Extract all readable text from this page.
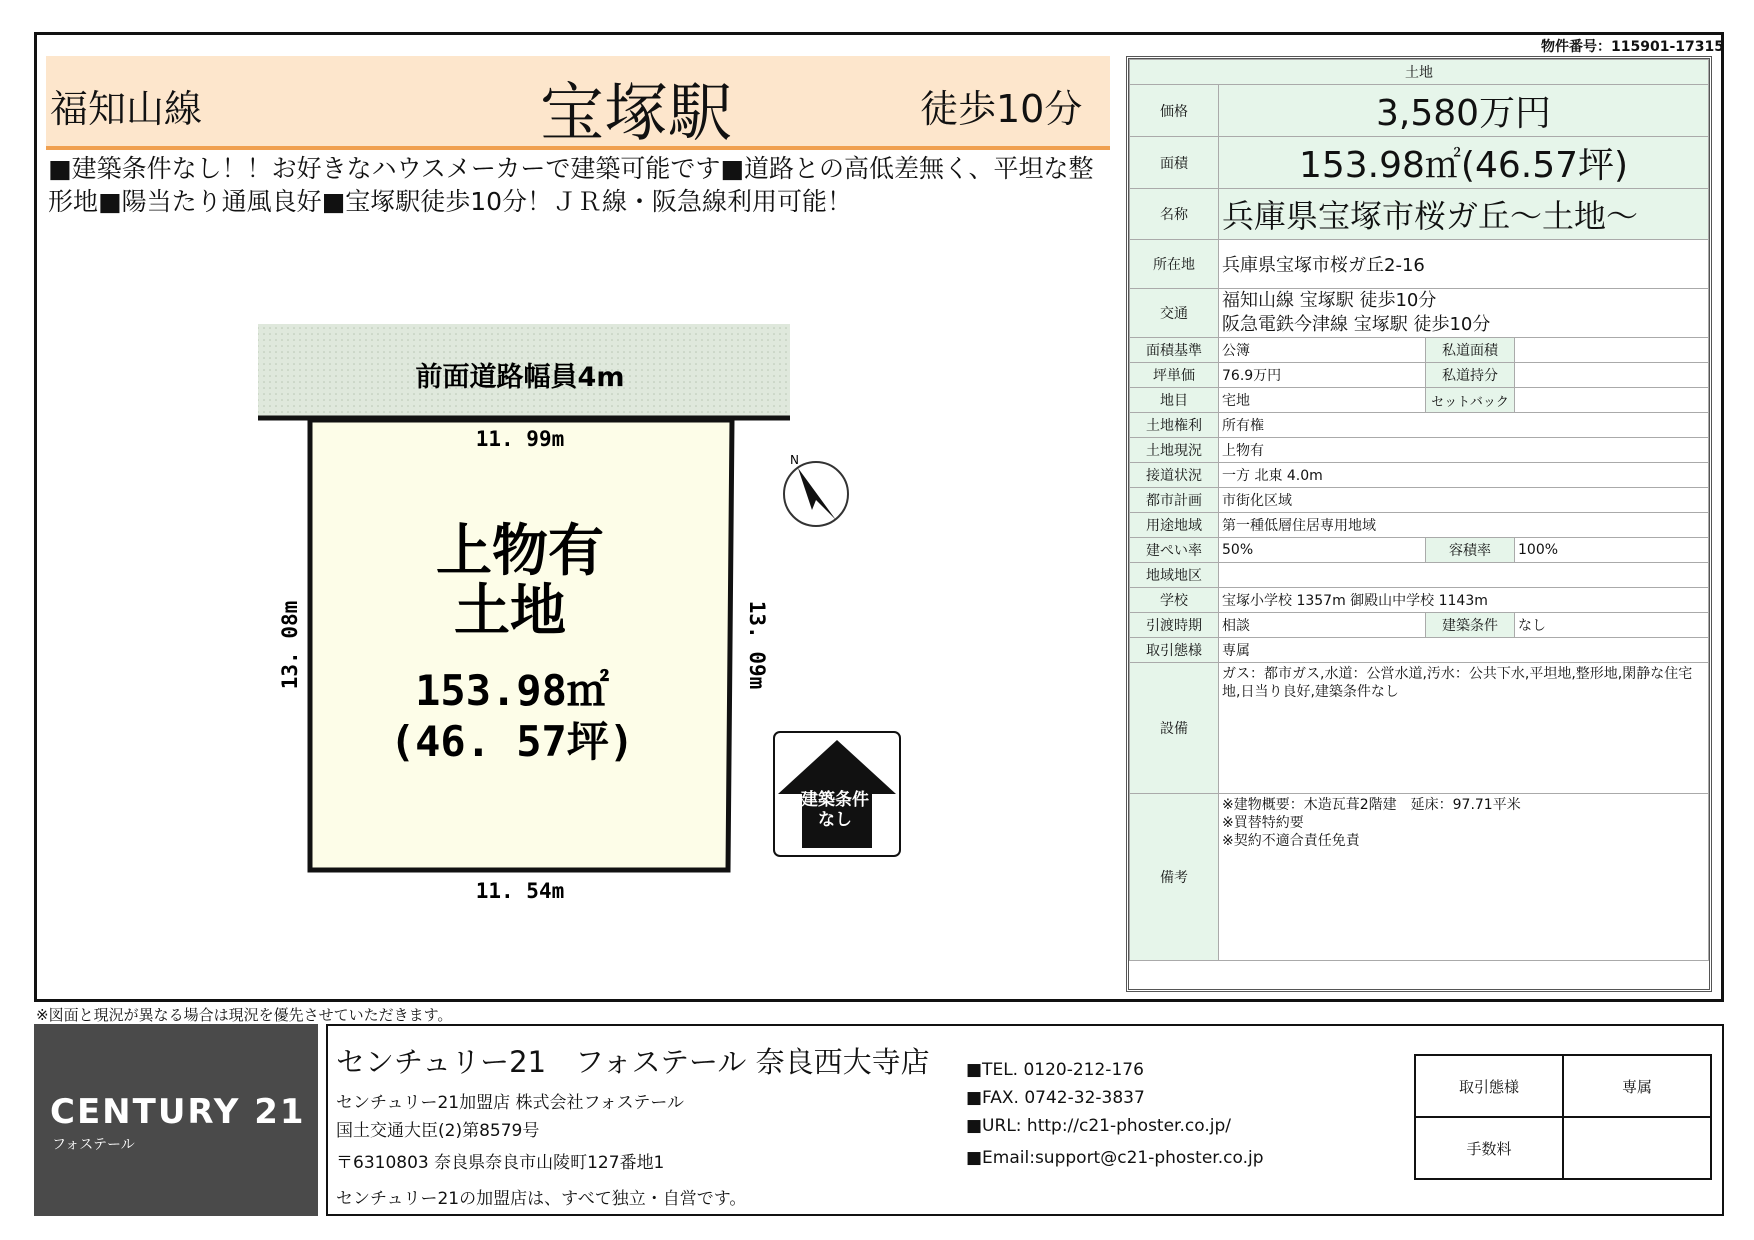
物件番号：115901-17315
福知山線	宝塚駅	徒歩10分
■建築条件なし！！お好きなハウスメーカーで建築可能です■道路との高低差無く、平坦な整形地■陽当たり通風良好■宝塚駅徒歩10分！ＪＲ線・阪急線利用可能！
前面道路幅員4m
11. 99m
11. 54m
13. 08m	13. 09m
上物有
土地
153.98㎡
(46. 57坪)
N
建築条件
なし
土地			
価格	3,580万円		
面積	153.98㎡(46.57坪)		
名称	兵庫県宝塚市桜ガ丘〜土地〜		
所在地	兵庫県宝塚市桜ガ丘2-16		
交通	福知山線 宝塚駅 徒歩10分
阪急電鉄今津線 宝塚駅 徒歩10分		

面積基準	公簿	私道面積	
坪単価	76.9万円	私道持分	
地目	宅地	セットバック	
土地権利	所有権		
土地現況	上物有		
接道状況	一方 北東 4.0m		
都市計画	市街化区域		
用途地域	第一種低層住居専用地域		
建ぺい率	50%	容積率	100%
地域地区			
学校	宝塚小学校 1357m 御殿山中学校 1143m		
引渡時期	相談	建築条件	なし
取引態様	専属		
設備	ガス：都市ガス,水道：公営水道,汚水：公共下水,平坦地,整形地,閑静な住宅地,日当り良好,建築条件なし		
備考	※建物概要：木造瓦葺2階建　延床：97.71平米
※買替特約要
※契約不適合責任免責		
※図面と現況が異なる場合は現況を優先させていただきます。
CENTURY 21
フォステール
センチュリー21　フォステール 奈良西大寺店
センチュリー21加盟店 株式会社フォステール
国土交通大臣(2)第8579号
〒6310803 奈良県奈良市山陵町127番地1
センチュリー21の加盟店は、すべて独立・自営です。
■TEL. 0120-212-176
■FAX. 0742-32-3837
■URL: http://c21-phoster.co.jp/
■Email:support@c21-phoster.co.jp
取引態様	専属
手数料	
